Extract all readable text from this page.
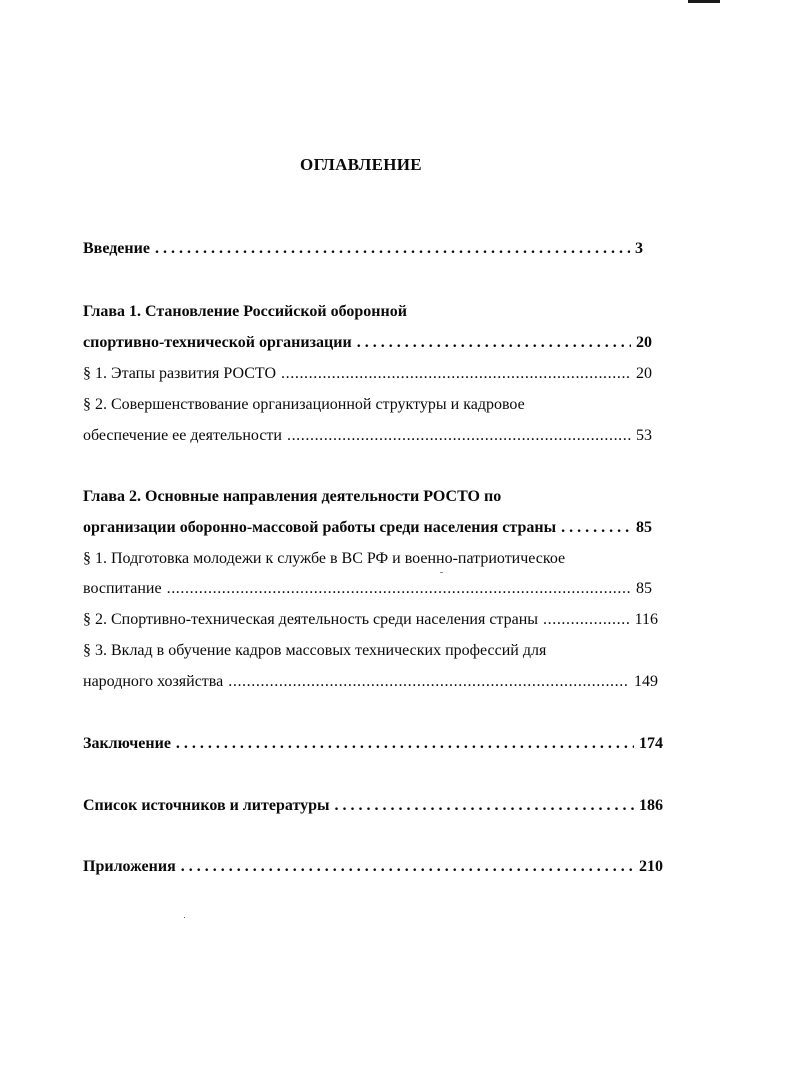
ОГЛАВЛЕНИЕ
Введение . . .	3
Глава 1. Становление Российской оборонной
спортивно-технической организации . . .	20
§ 1. Этапы развития РОСТО .....	20
§ 2. Совершенствование организационной структуры и кадровое
обеспечение ее деятельности .....	53
Глава 2. Основные направления деятельности РОСТО по
организации оборонно-массовой работы среди населения страны . . .	85
§ 1. Подготовка молодежи к службе в ВС РФ и военно-патриотическое
воспитание .....	85
§ 2. Спортивно-техническая деятельность среди населения страны .....	116
§ 3. Вклад в обучение кадров массовых технических профессий для
народного хозяйства .....	149
Заключение . . .	174
Список источников и литературы . . .	186
Приложения . . .	210
